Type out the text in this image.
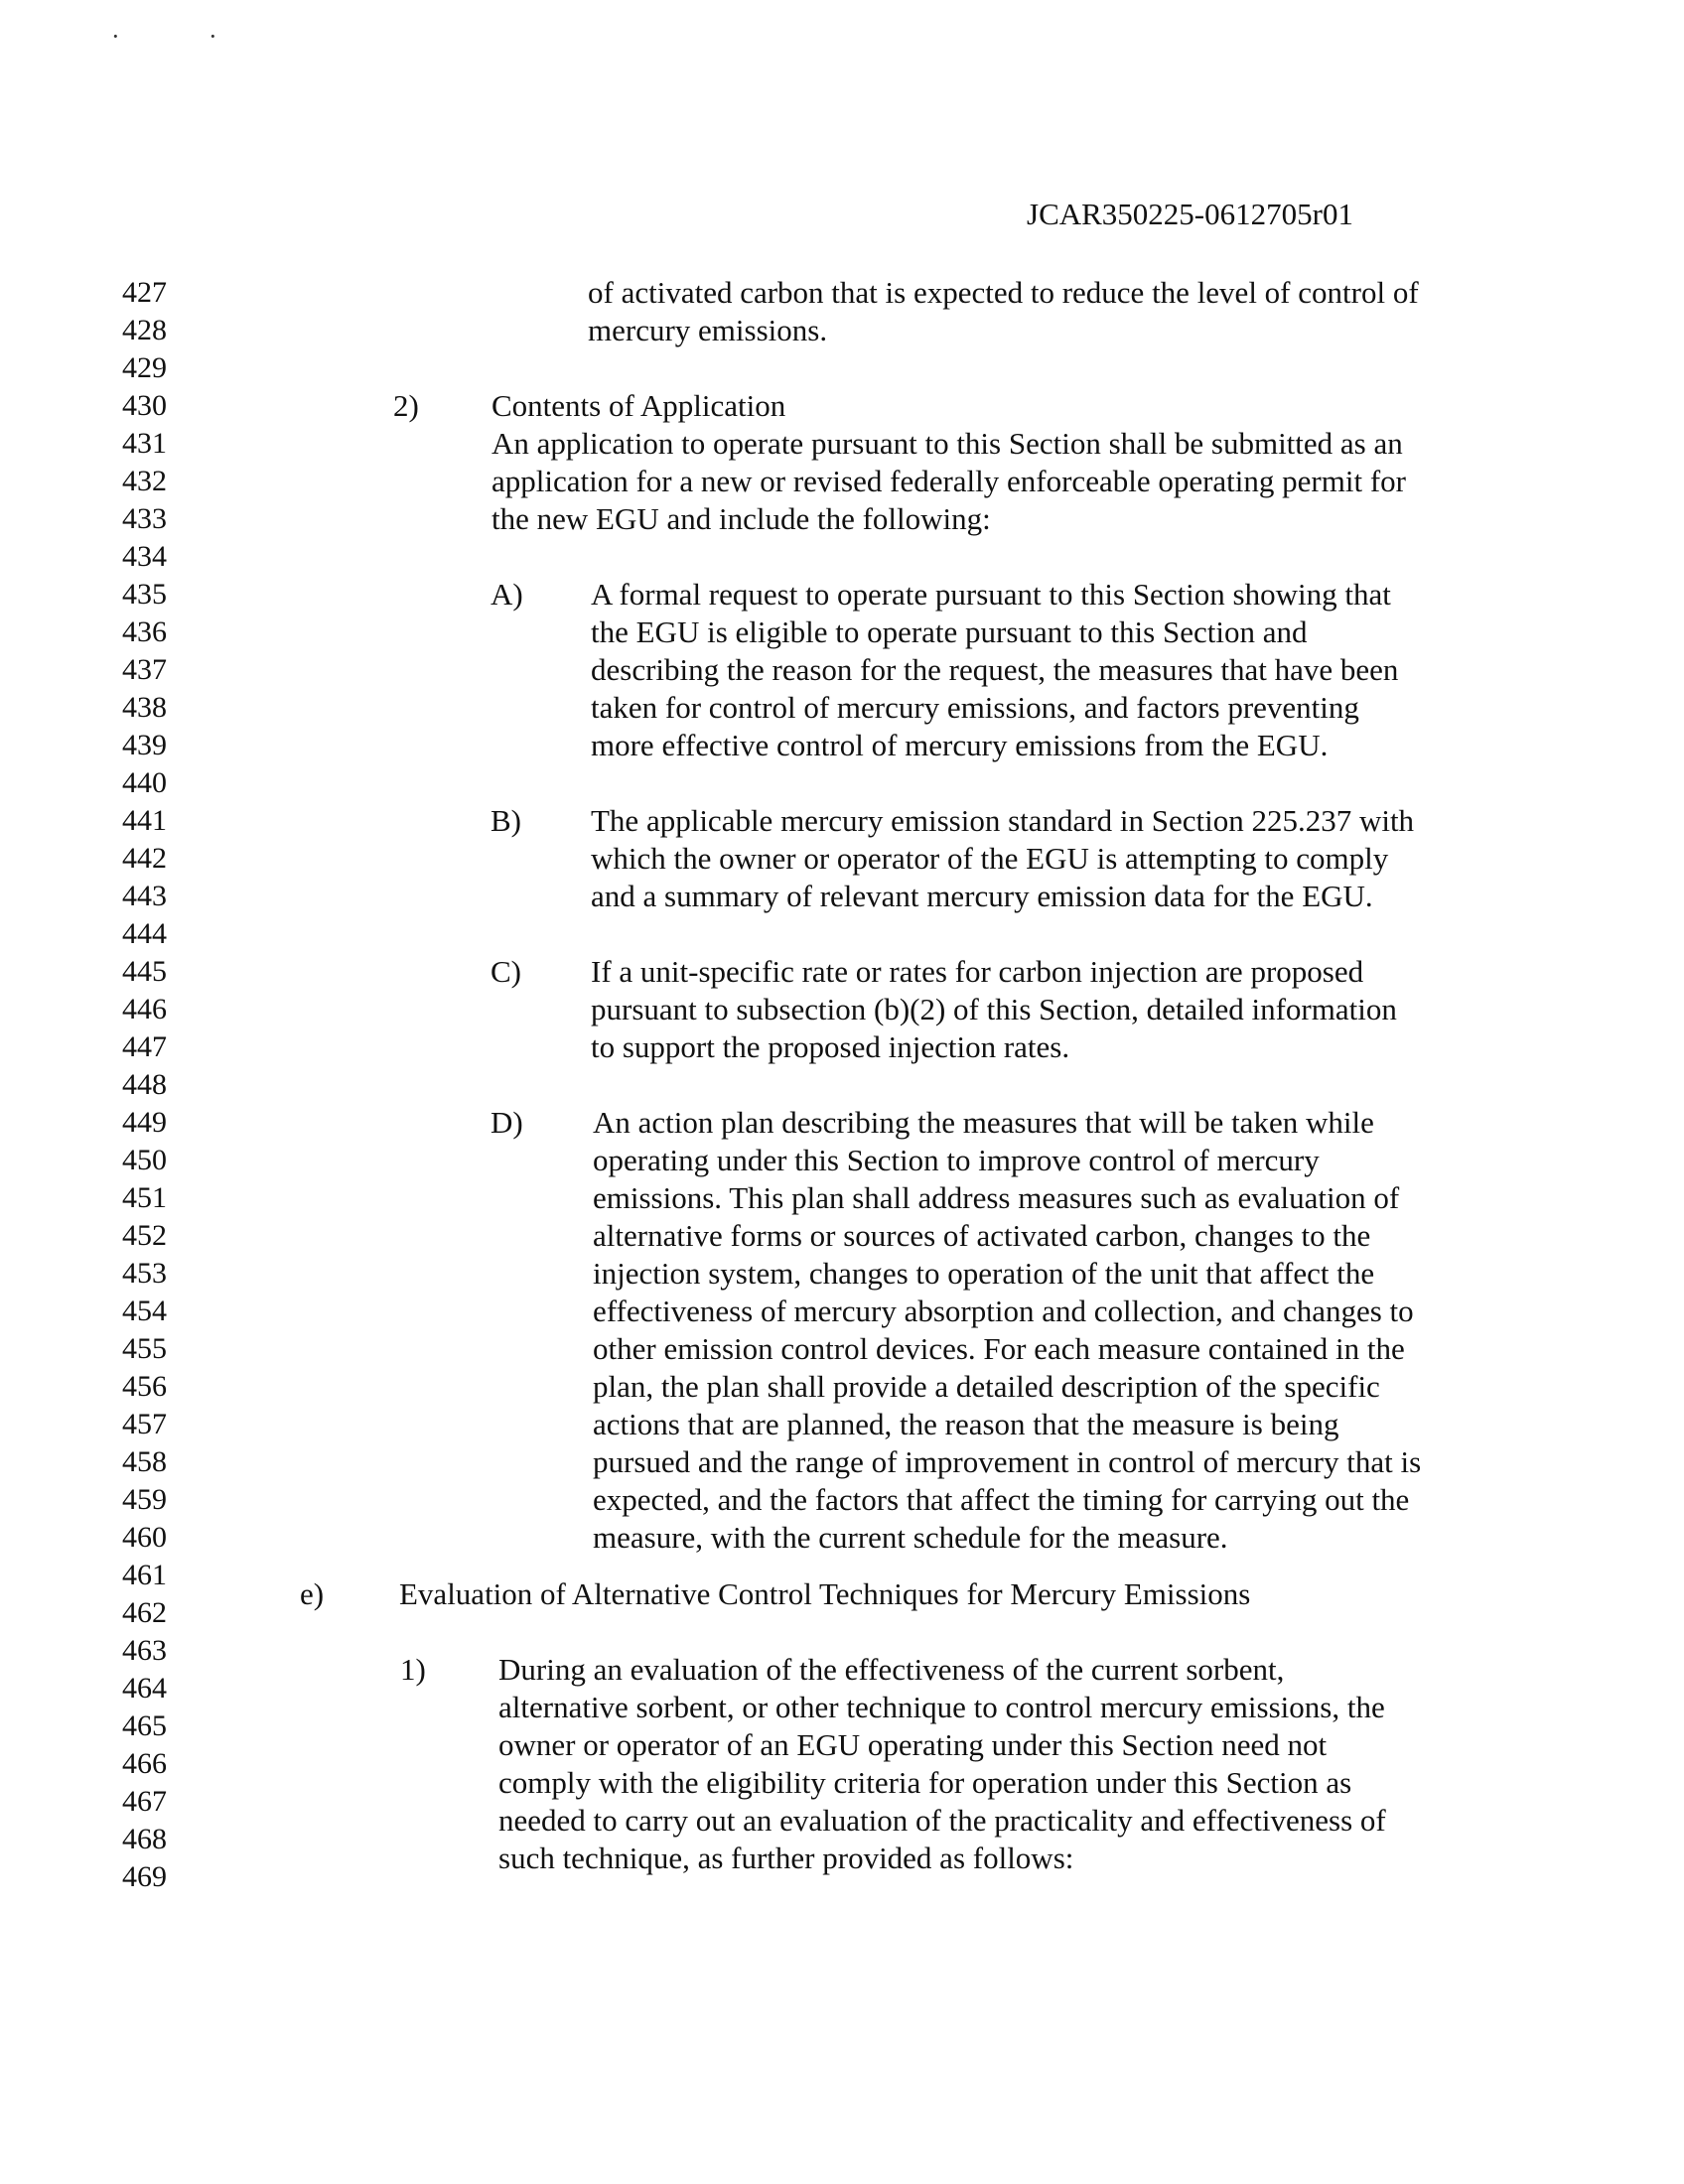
·	·
JCAR350225-0612705r01
427
428
429
430
431
432
433
434
435
436
437
438
439
440
441
442
443
444
445
446
447
448
449
450
451
452
453
454
455
456
457
458
459
460
461
462
463
464
465
466
467
468
469

of activated carbon that is expected to reduce the level of control of

mercury emissions.

2) Contents of Application

An application to operate pursuant to this Section shall be submitted as an

application for a new or revised federally enforceable operating permit for

the new EGU and include the following:

A) A formal request to operate pursuant to this Section showing that

the EGU is eligible to operate pursuant to this Section and

describing the reason for the request, the measures that have been

taken for control of mercury emissions, and factors preventing

more effective control of mercury emissions from the EGU.

B) The applicable mercury emission standard in Section 225.237 with

which the owner or operator of the EGU is attempting to comply

and a summary of relevant mercury emission data for the EGU.

C) If a unit-specific rate or rates for carbon injection are proposed

pursuant to subsection (b)(2) of this Section, detailed information

to support the proposed injection rates.

D) An action plan describing the measures that will be taken while

operating under this Section to improve control of mercury

emissions. This plan shall address measures such as evaluation of

alternative forms or sources of activated carbon, changes to the

injection system, changes to operation of the unit that affect the

effectiveness of mercury absorption and collection, and changes to

other emission control devices. For each measure contained in the

plan, the plan shall provide a detailed description of the specific

actions that are planned, the reason that the measure is being

pursued and the range of improvement in control of mercury that is

expected, and the factors that affect the timing for carrying out the

measure, with the current schedule for the measure.

e) Evaluation of Alternative Control Techniques for Mercury Emissions
1) During an evaluation of the effectiveness of the current sorbent,

alternative sorbent, or other technique to control mercury emissions, the

owner or operator of an EGU operating under this Section need not

comply with the eligibility criteria for operation under this Section as

needed to carry out an evaluation of the practicality and effectiveness of

such technique, as further provided as follows:
